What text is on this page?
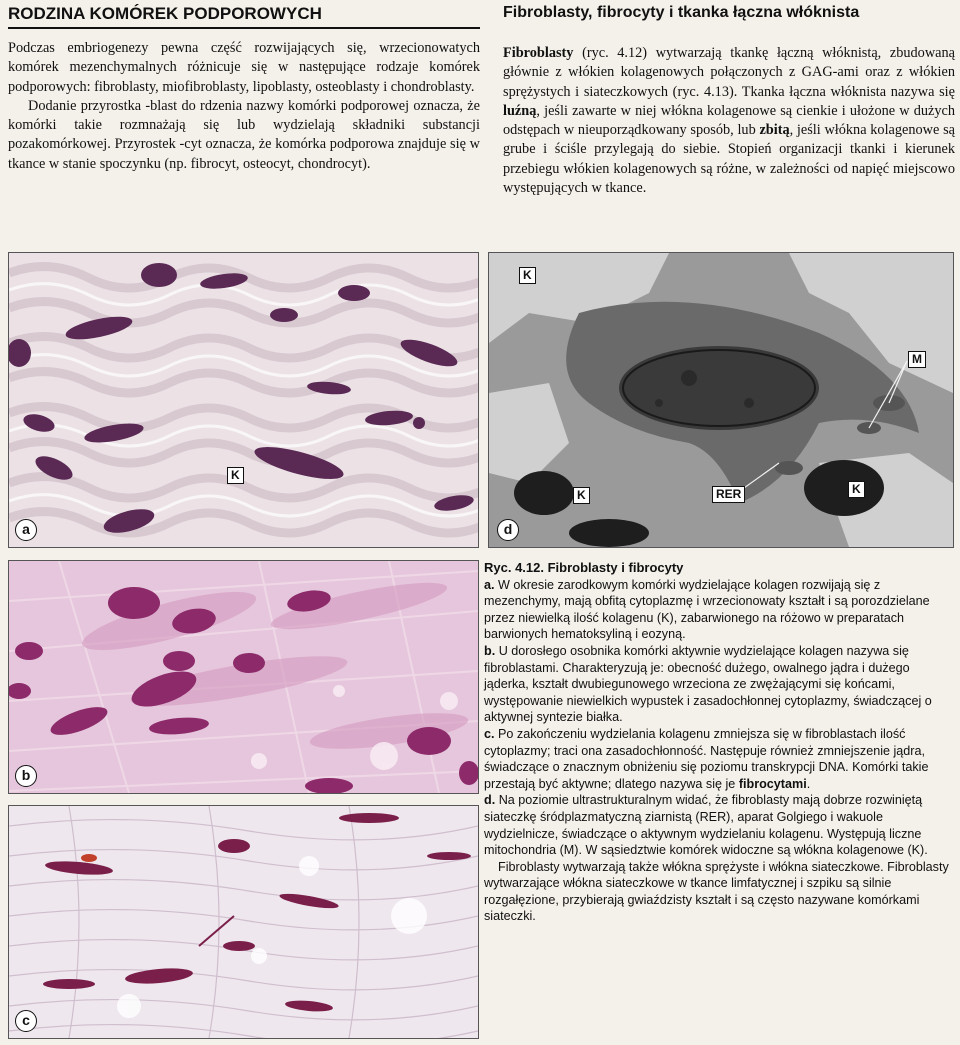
RODZINA KOMÓREK PODPOROWYCH

Podczas embriogenezy pewna część rozwijających się, wrzecionowatych komórek mezenchymalnych różnicuje się w następujące rodzaje komórek podporowych: fibroblasty, miofibroblasty, lipoblasty, osteoblasty i chondroblasty.

Dodanie przyrostka -blast do rdzenia nazwy komórki podporowej oznacza, że komórki takie rozmnażają się lub wydzielają składniki substancji pozakomórkowej. Przyrostek -cyt oznacza, że komórka podporowa znajduje się w tkance w stanie spoczynku (np. fibrocyt, osteocyt, chondrocyt).

Fibroblasty, fibrocyty i tkanka łączna włóknista

Fibroblasty (ryc. 4.12) wytwarzają tkankę łączną włóknistą, zbudowaną głównie z włókien kolagenowych połączonych z GAG-ami oraz z włókien sprężystych i siateczkowych (ryc. 4.13). Tkanka łączna włóknista nazywa się luźną, jeśli zawarte w niej włókna kolagenowe są cienkie i ułożone w dużych odstępach w nieuporządkowany sposób, lub zbitą, jeśli włókna kolagenowe są grube i ściśle przylegają do siebie. Stopień organizacji tkanki i kierunek przebiegu włókien kolagenowych są różne, w zależności od napięć miejscowo występujących w tkance.

K
a
b
c
K
M
K	RER	K
d
Ryc. 4.12. Fibroblasty i fibrocyty

a. W okresie zarodkowym komórki wydzielające kolagen rozwijają się z mezenchymy, mają obfitą cytoplazmę i wrzecionowaty kształt i są porozdzielane przez niewielką ilość kolagenu (K), zabarwionego na różowo w preparatach barwionych hematoksyliną i eozyną.

b. U dorosłego osobnika komórki aktywnie wydzielające kolagen nazywa się fibroblastami. Charakteryzują je: obecność dużego, owalnego jądra i dużego jąderka, kształt dwubiegunowego wrzeciona ze zwężającymi się końcami, występowanie niewielkich wypustek i zasadochłonnej cytoplazmy, świadczącej o aktywnej syntezie białka.

c. Po zakończeniu wydzielania kolagenu zmniejsza się w fibroblastach ilość cytoplazmy; traci ona zasadochłonność. Następuje również zmniejszenie jądra, świadczące o znacznym obniżeniu się poziomu transkrypcji DNA. Komórki takie przestają być aktywne; dlatego nazywa się je fibrocytami.

d. Na poziomie ultrastrukturalnym widać, że fibroblasty mają dobrze rozwiniętą siateczkę śródplazmatyczną ziarnistą (RER), aparat Golgiego i wakuole wydzielnicze, świadczące o aktywnym wydzielaniu kolagenu. Występują liczne mitochondria (M). W sąsiedztwie komórek widoczne są włókna kolagenowe (K).

Fibroblasty wytwarzają także włókna sprężyste i włókna siateczkowe. Fibroblasty wytwarzające włókna siateczkowe w tkance limfatycznej i szpiku są silnie rozgałęzione, przybierają gwiaździsty kształt i są często nazywane komórkami siateczki.
